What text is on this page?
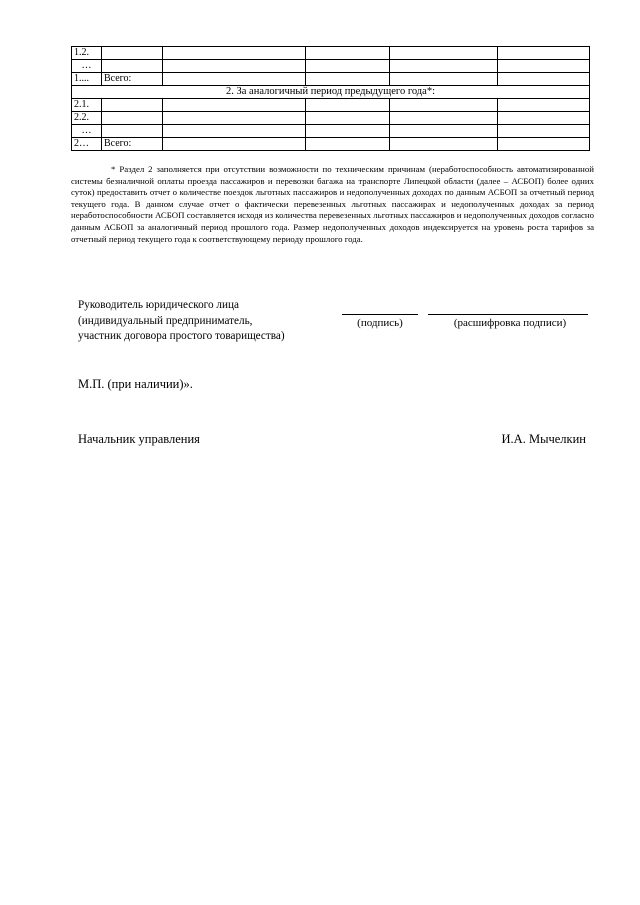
1.2.					
…					
1....	Всего:				
2. За аналогичный период предыдущего года*:					
2.1.					
2.2.					
…					
2…	Всего:				

* Раздел 2 заполняется при отсутствии возможности по техническим причинам (неработоспособность автоматизированной системы безналичной оплаты проезда пассажиров и перевозки багажа на транспорте Липецкой области (далее – АСБОП) более одних суток) предоставить отчет о количестве поездок льготных пассажиров и недополученных доходах по данным АСБОП за отчетный период текущего года. В данном случае отчет о фактически перевезенных льготных пассажирах и недополученных доходах за период неработоспособности АСБОП составляется исходя из количества перевезенных льготных пассажиров и недополученных доходов согласно данным АСБОП за аналогичный период прошлого года. Размер недополученных доходов индексируется на уровень роста тарифов за отчетный период текущего года к соответствующему периоду прошлого года.

Руководитель юридического лица
(индивидуальный предприниматель,
участник договора простого товарищества)
(подпись)	(расшифровка подписи)
М.П. (при наличии)».
Начальник управления	И.А. Мычелкин
